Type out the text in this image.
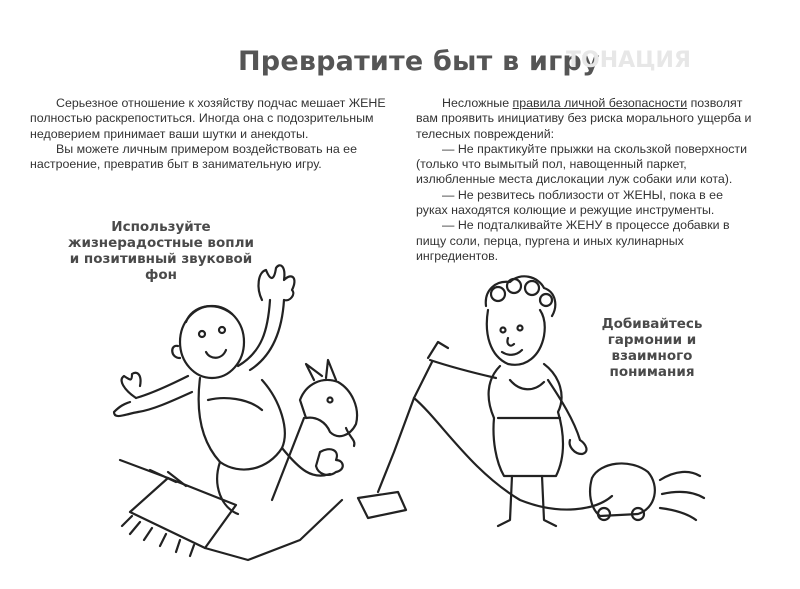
Превратите быт в игру
ТОНАЦИЯ

Серьезное отношение к хозяйству подчас мешает ЖЕНЕ полностью раскрепоститься. Иногда она с подозрительным недоверием принимает ваши шутки и анекдоты.

Вы можете личным примером воздействовать на ее настроение, превратив быт в занимательную игру.

Несложные правила личной безопасности позволят вам проявить инициативу без риска морального ущерба и телесных повреждений:

— Не практикуйте прыжки на скользкой поверхности (только что вымытый пол, навощенный паркет, излюбленные места дислокации луж собаки или кота).

— Не резвитесь поблизости от ЖЕНЫ, пока в ее руках находятся колющие и режущие инструменты.

— Не подталкивайте ЖЕНУ в процессе добавки в пищу соли, перца, пургена и иных кулинарных ингредиентов.

Используйте жизнерадостные вопли и позитивный звуковой фон
Добивайтесь гармонии и взаимного понимания
